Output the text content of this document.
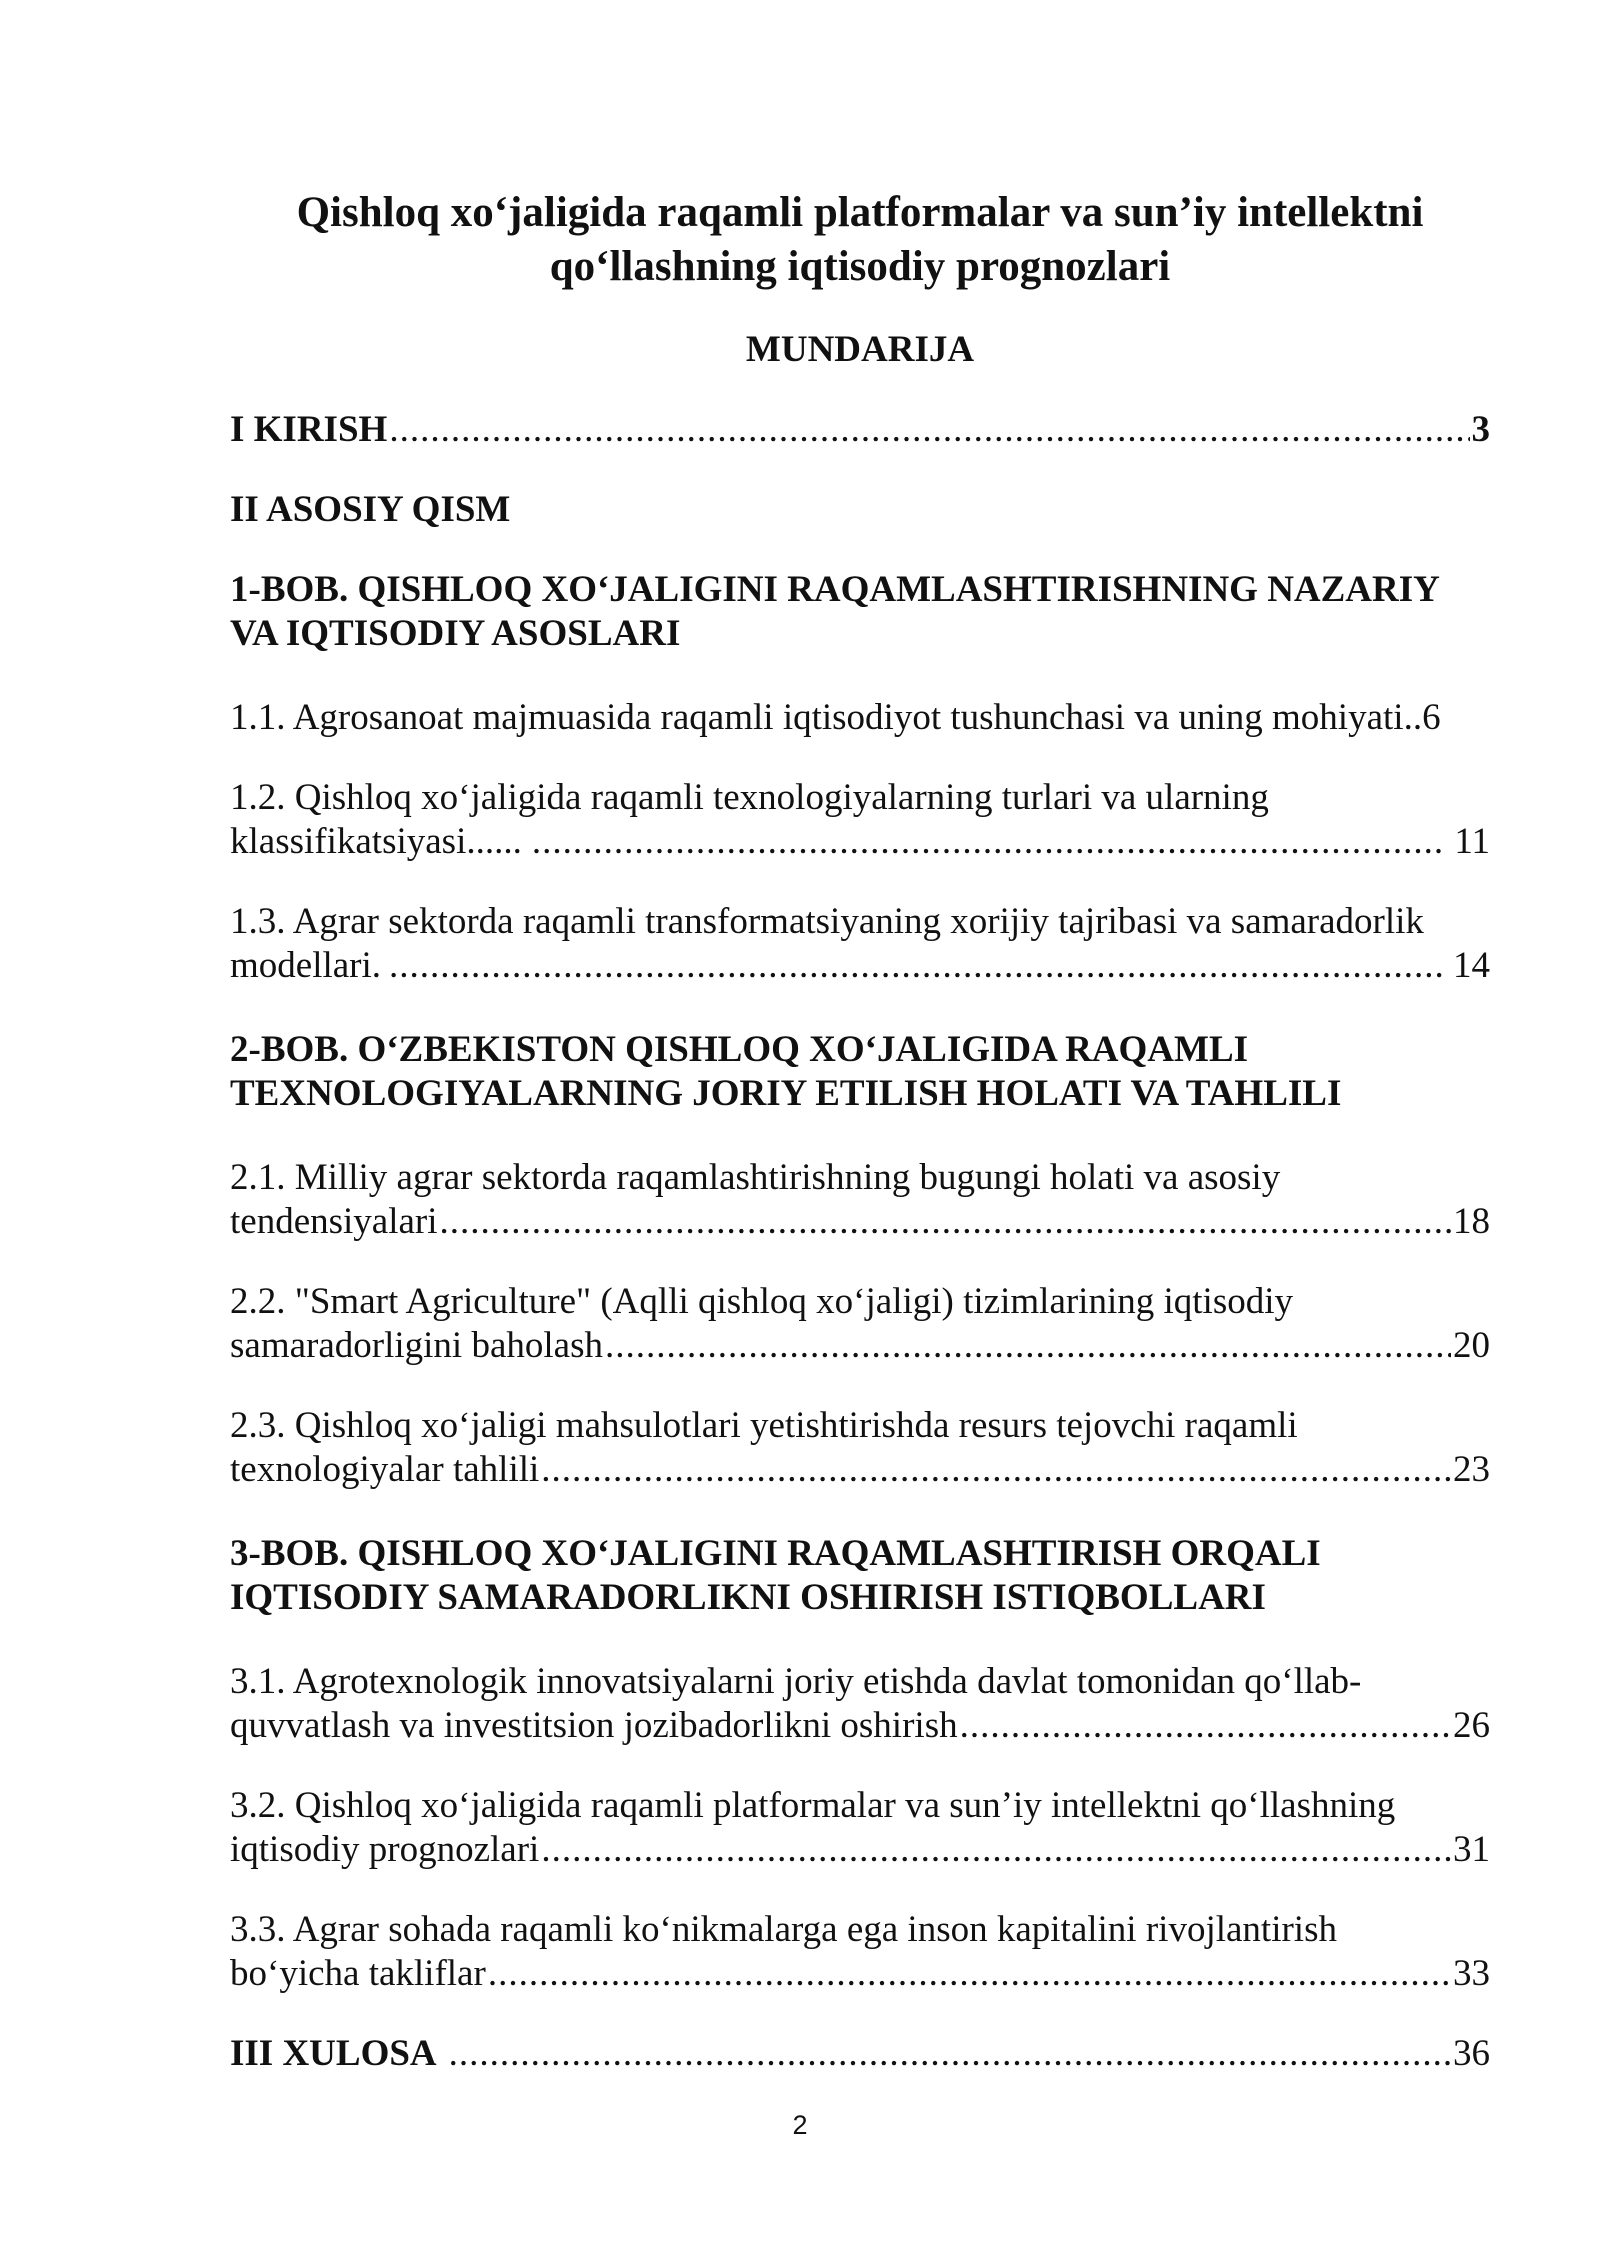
Qishloq xo‘jaligida raqamli platformalar va sun’iy intellektni
qo‘llashning iqtisodiy prognozlari
MUNDARIJA
I KIRISH .....	3
II ASOSIY QISM
1-BOB. QISHLOQ XO‘JALIGINI RAQAMLASHTIRISHNING NAZARIY
VA IQTISODIY ASOSLARI
1.1. Agrosanoat majmuasida raqamli iqtisodiyot tushunchasi va uning mohiyati .. 6
1.2. Qishloq xo‘jaligida raqamli texnologiyalarning turlari va ularning
klassifikatsiyasi...... .....	11
1.3. Agrar sektorda raqamli transformatsiyaning xorijiy tajribasi va samaradorlik
modellari. .....	14
2-BOB. O‘ZBEKISTON QISHLOQ XO‘JALIGIDA RAQAMLI
TEXNOLOGIYALARNING JORIY ETILISH HOLATI VA TAHLILI
2.1. Milliy agrar sektorda raqamlashtirishning bugungi holati va asosiy
tendensiyalari .....	18
2.2. "Smart Agriculture" (Aqlli qishloq xo‘jaligi) tizimlarining iqtisodiy
samaradorligini baholash .....	20
2.3. Qishloq xo‘jaligi mahsulotlari yetishtirishda resurs tejovchi raqamli
texnologiyalar tahlili .....	23
3-BOB. QISHLOQ XO‘JALIGINI RAQAMLASHTIRISH ORQALI
IQTISODIY SAMARADORLIKNI OSHIRISH ISTIQBOLLARI
3.1. Agrotexnologik innovatsiyalarni joriy etishda davlat tomonidan qo‘llab-
quvvatlash va investitsion jozibadorlikni oshirish .....	26
3.2. Qishloq xo‘jaligida raqamli platformalar va sun’iy intellektni qo‘llashning
iqtisodiy prognozlari .....	31
3.3. Agrar sohada raqamli ko‘nikmalarga ega inson kapitalini rivojlantirish
bo‘yicha takliflar .....	33
III XULOSA .....	36
2
